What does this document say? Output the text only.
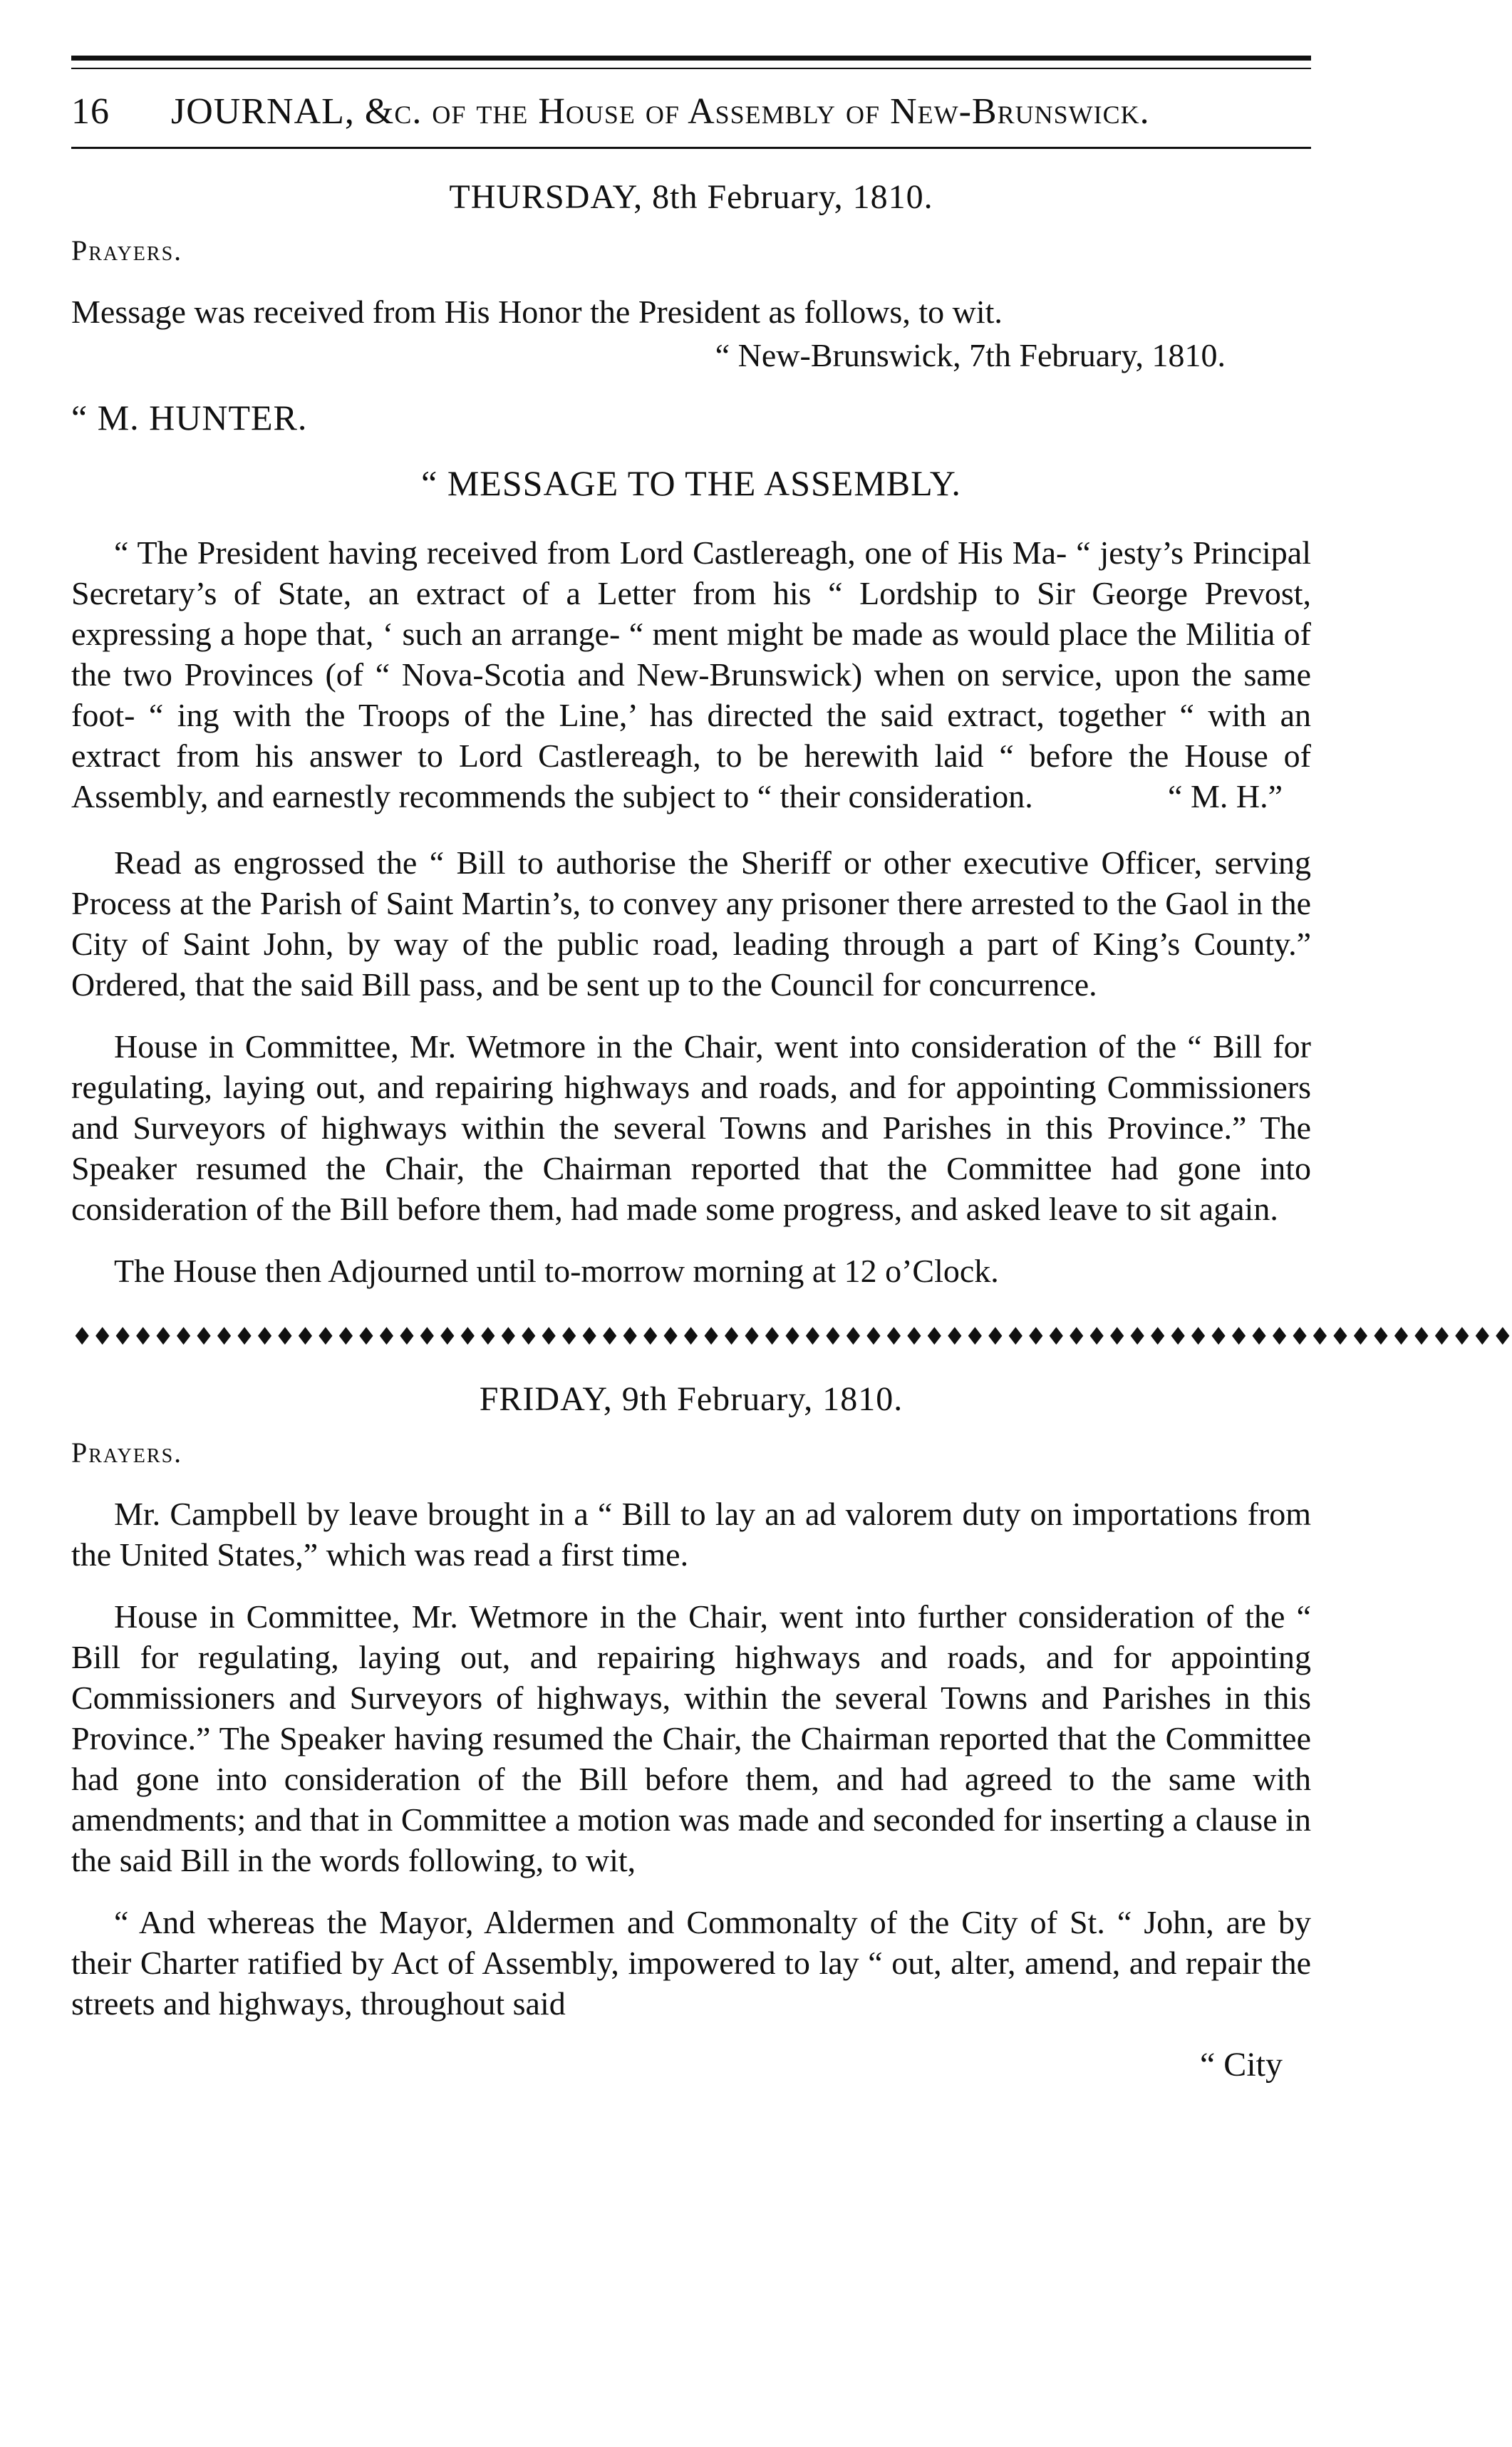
16	JOURNAL, &c. of the House of Assembly of New-Brunswick.
THURSDAY, 8th February, 1810.
Prayers.

Message was received from His Honor the President as follows, to wit.

“ New-Brunswick, 7th February, 1810.
“ M. HUNTER.
“ MESSAGE TO THE ASSEMBLY.

“ The President having received from Lord Castlereagh, one of His Ma- “ jesty’s Principal Secretary’s of State, an extract of a Letter from his “ Lordship to Sir George Prevost, expressing a hope that, ‘ such an arrange- “ ment might be made as would place the Militia of the two Provinces (of “ Nova-Scotia and New-Brunswick) when on service, upon the same foot- “ ing with the Troops of the Line,’ has directed the said extract, together “ with an extract from his answer to Lord Castlereagh, to be herewith laid “ before the House of Assembly, and earnestly recommends the subject to “ their consideration.	“ M. H.”

Read as engrossed the “ Bill to authorise the Sheriff or other executive Officer, serving Process at the Parish of Saint Martin’s, to convey any prisoner there arrested to the Gaol in the City of Saint John, by way of the public road, leading through a part of King’s County.” Ordered, that the said Bill pass, and be sent up to the Council for concurrence.

House in Committee, Mr. Wetmore in the Chair, went into consideration of the “ Bill for regulating, laying out, and repairing highways and roads, and for appointing Commissioners and Surveyors of highways within the several Towns and Parishes in this Province.” The Speaker resumed the Chair, the Chairman reported that the Committee had gone into consideration of the Bill before them, had made some progress, and asked leave to sit again.

The House then Adjourned until to-morrow morning at 12 o’Clock.

♦♦♦♦♦♦♦♦♦♦♦♦♦♦♦♦♦♦♦♦♦♦♦♦♦♦♦♦♦♦♦♦♦♦♦♦♦♦♦♦♦♦♦♦♦♦♦♦♦♦♦♦♦♦♦♦♦♦♦♦♦♦♦♦♦♦♦♦♦♦♦
FRIDAY, 9th February, 1810.
Prayers.

Mr. Campbell by leave brought in a “ Bill to lay an ad valorem duty on importations from the United States,” which was read a first time.

House in Committee, Mr. Wetmore in the Chair, went into further consideration of the “ Bill for regulating, laying out, and repairing highways and roads, and for appointing Commissioners and Surveyors of highways, within the several Towns and Parishes in this Province.” The Speaker having resumed the Chair, the Chairman reported that the Committee had gone into consideration of the Bill before them, and had agreed to the same with amendments; and that in Committee a motion was made and seconded for inserting a clause in the said Bill in the words following, to wit,

“ And whereas the Mayor, Aldermen and Commonalty of the City of St. “ John, are by their Charter ratified by Act of Assembly, impowered to lay “ out, alter, amend, and repair the streets and highways, throughout said

“ City
